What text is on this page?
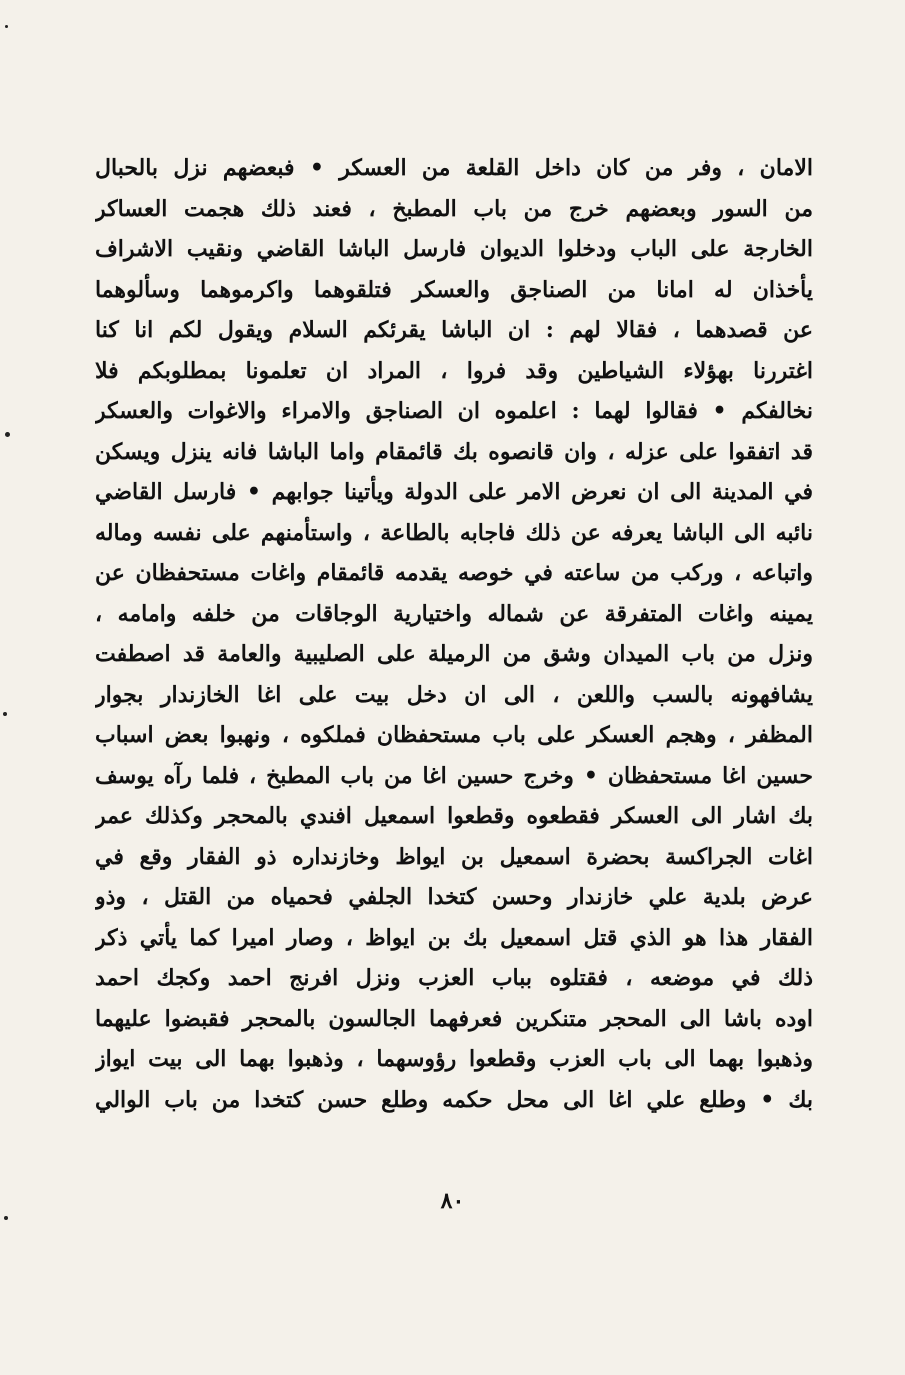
الامان ، وفر من كان داخل القلعة من العسكر • فبعضهم نزل بالحبال
من السور وبعضهم خرج من باب المطبخ ، فعند ذلك هجمت العساكر
الخارجة على الباب ودخلوا الديوان فارسل الباشا القاضي ونقيب الاشراف
يأخذان له امانا من الصناجق والعسكر فتلقوهما واكرموهما وسألوهما
عن قصدهما ، فقالا لهم : ان الباشا يقرئكم السلام ويقول لكم انا كنا
اغتررنا بهؤلاء الشياطين وقد فروا ، المراد ان تعلمونا بمطلوبكم فلا
نخالفكم • فقالوا لهما : اعلموه ان الصناجق والامراء والاغوات والعسكر
قد اتفقوا على عزله ، وان قانصوه بك قائمقام واما الباشا فانه ينزل ويسكن
في المدينة الى ان نعرض الامر على الدولة ويأتينا جوابهم • فارسل القاضي
نائبه الى الباشا يعرفه عن ذلك فاجابه بالطاعة ، واستأمنهم على نفسه وماله
واتباعه ، وركب من ساعته في خوصه يقدمه قائمقام واغات مستحفظان عن
يمينه واغات المتفرقة عن شماله واختيارية الوجاقات من خلفه وامامه ،
ونزل من باب الميدان وشق من الرميلة على الصليبية والعامة قد اصطفت
يشافهونه بالسب واللعن ، الى ان دخل بيت على اغا الخازندار بجوار
المظفر ، وهجم العسكر على باب مستحفظان فملكوه ، ونهبوا بعض اسباب
حسين اغا مستحفظان • وخرج حسين اغا من باب المطبخ ، فلما رآه يوسف
بك اشار الى العسكر فقطعوه وقطعوا اسمعيل افندي بالمحجر وكذلك عمر
اغات الجراكسة بحضرة اسمعيل بن ايواظ وخازنداره ذو الفقار وقع في
عرض بلدية علي خازندار وحسن كتخدا الجلفي فحمياه من القتل ، وذو
الفقار هذا هو الذي قتل اسمعيل بك بن ايواظ ، وصار اميرا كما يأتي ذكر
ذلك في موضعه ، فقتلوه بباب العزب ونزل افرنج احمد وكجك احمد
اوده باشا الى المحجر متنكرين فعرفهما الجالسون بالمحجر فقبضوا عليهما
وذهبوا بهما الى باب العزب وقطعوا رؤوسهما ، وذهبوا بهما الى بيت ايواز
بك • وطلع علي اغا الى محل حكمه وطلع حسن كتخدا من باب الوالي
٨٠
